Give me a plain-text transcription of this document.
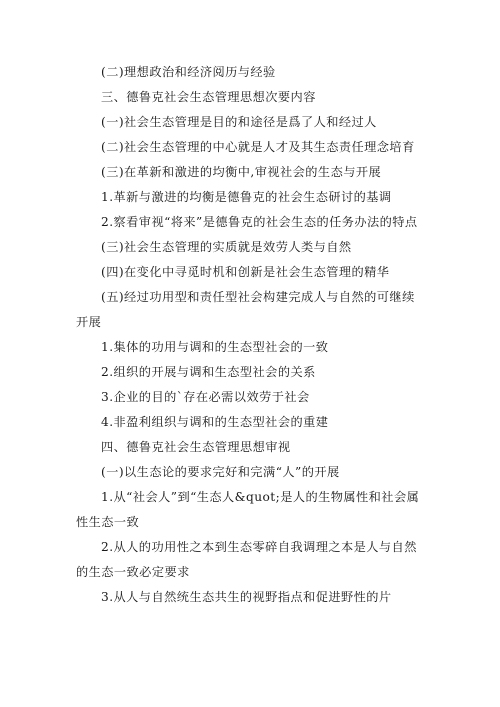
(二)理想政治和经济阅历与经验

三、德鲁克社会生态管理思想次要内容

(一)社会生态管理是目的和途径是爲了人和经过人

(二)社会生态管理的中心就是人才及其生态责任理念培育

(三)在革新和激进的均衡中,审视社会的生态与开展

1.革新与激进的均衡是德鲁克的社会生态研讨的基调

2.察看审视“将来”是德鲁克的社会生态的任务办法的特点

(三)社会生态管理的实质就是效劳人类与自然

(四)在变化中寻觅时机和创新是社会生态管理的精华

(五)经过功用型和责任型社会构建完成人与自然的可继续开展

1.集体的功用与调和的生态型社会的一致

2.组织的开展与调和生态型社会的关系

3.企业的目的`存在必需以效劳于社会

4.非盈利组织与调和的生态型社会的重建

四、德鲁克社会生态管理思想审视

(一)以生态论的要求完好和完满“人”的开展

1.从“社会人”到“生态人&quot;是人的生物属性和社会属性生态一致

2.从人的功用性之本到生态零碎自我调理之本是人与自然的生态一致必定要求

3.从人与自然统生态共生的视野指点和促进野性的片
